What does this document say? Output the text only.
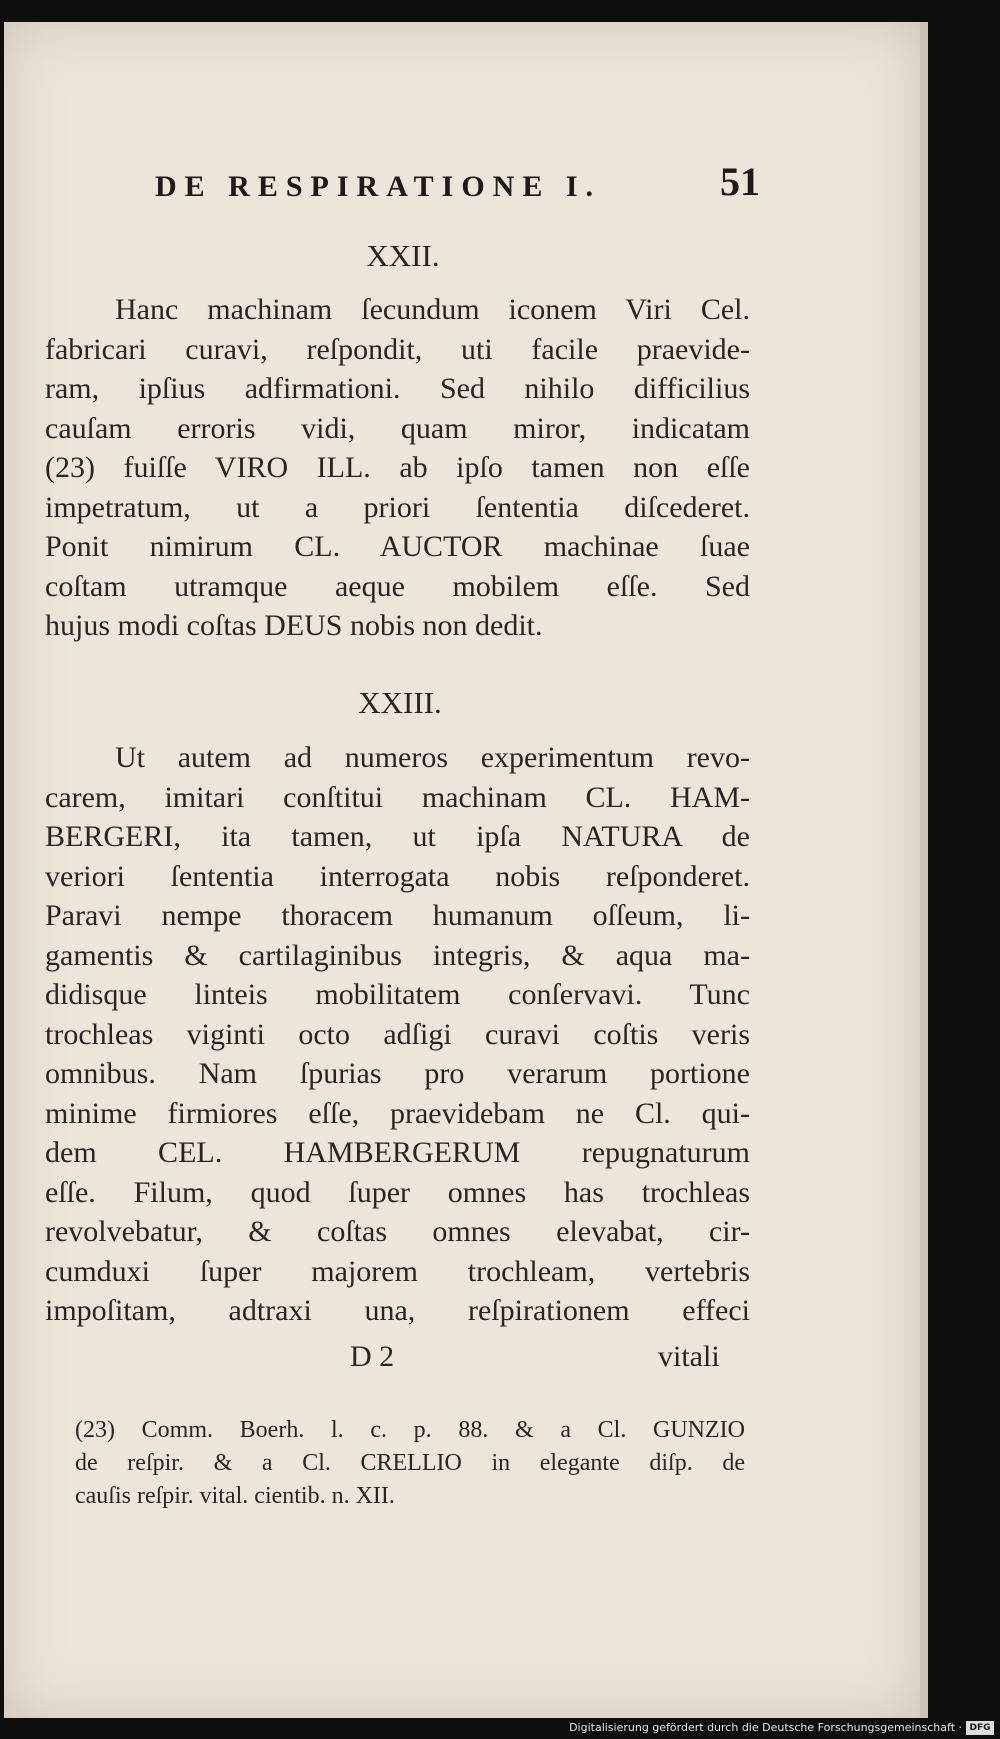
DE RESPIRATIONE I.	51
XXII.
Hanc machinam ſecundum iconem Viri Cel.
fabricari curavi, reſpondit, uti facile praevide-
ram, ipſius adfirmationi. Sed nihilo difficilius
cauſam erroris vidi, quam miror, indicatam
(23) fuiſſe VIRO ILL. ab ipſo tamen non eſſe
impetratum, ut a priori ſententia diſcederet.
Ponit nimirum CL. AUCTOR machinae ſuae
coſtam utramque aeque mobilem eſſe. Sed
hujus modi coſtas DEUS nobis non dedit.
XXIII.
Ut autem ad numeros experimentum revo-
carem, imitari conſtitui machinam CL. HAM-
BERGERI, ita tamen, ut ipſa NATURA de
veriori ſententia interrogata nobis reſponderet.
Paravi nempe thoracem humanum oſſeum, li-
gamentis & cartilaginibus integris, & aqua ma-
didisque linteis mobilitatem conſervavi. Tunc
trochleas viginti octo adſigi curavi coſtis veris
omnibus. Nam ſpurias pro verarum portione
minime firmiores eſſe, praevidebam ne Cl. qui-
dem CEL. HAMBERGERUM repugnaturum
eſſe. Filum, quod ſuper omnes has trochleas
revolvebatur, & coſtas omnes elevabat, cir-
cumduxi ſuper majorem trochleam, vertebris
impoſitam, adtraxi una, reſpirationem effeci
D 2	vitali
(23) Comm. Boerh. l. c. p. 88. & a Cl. GUNZIO
de reſpir. & a Cl. CRELLIO in elegante diſp. de
cauſis reſpir. vital. cientib. n. XII.
Digitalisierung gefördert durch die Deutsche Forschungsgemeinschaft · DFG
